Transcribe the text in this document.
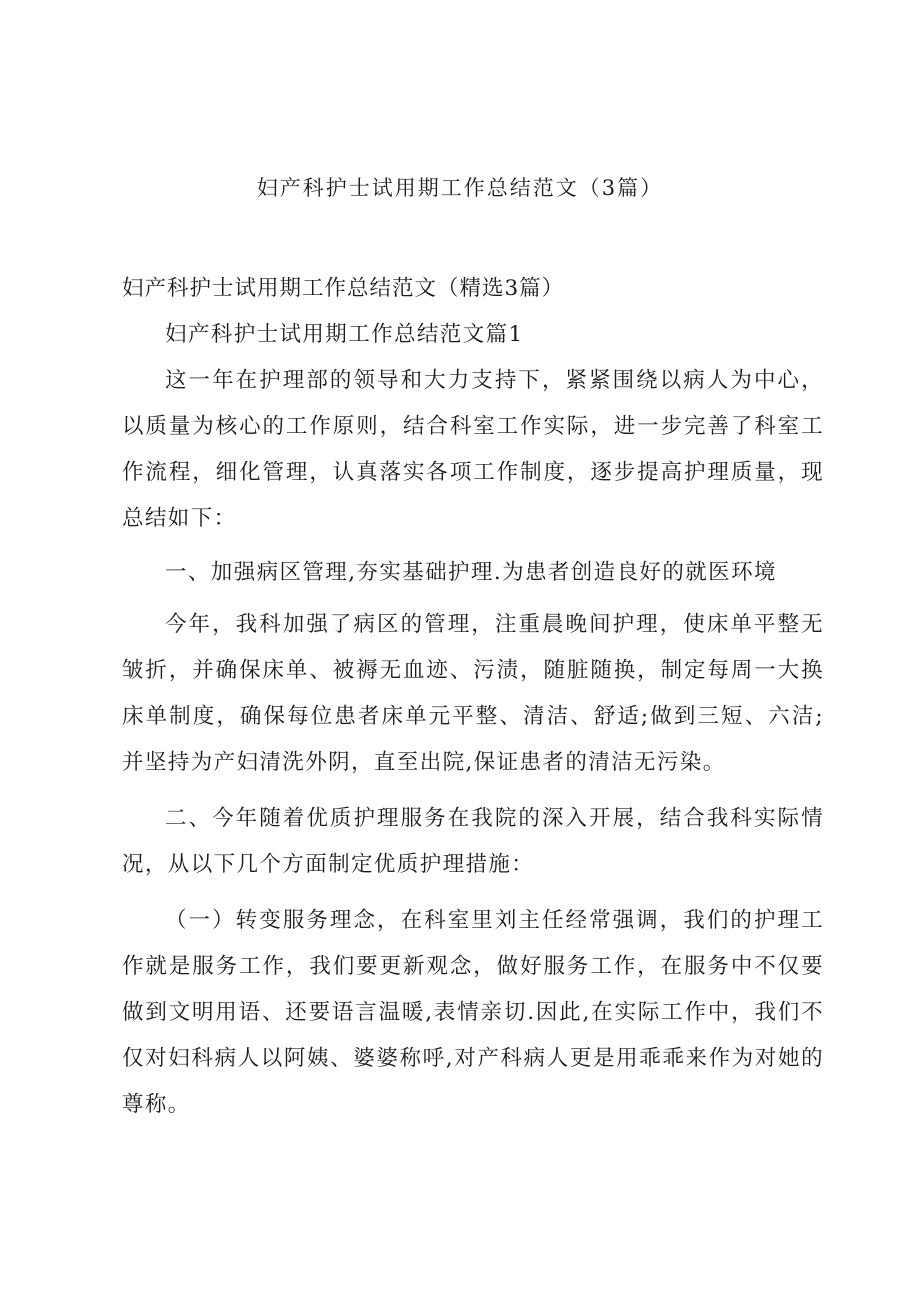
妇产科护士试用期工作总结范文（3篇）

妇产科护士试用期工作总结范文（精选3篇）

妇产科护士试用期工作总结范文篇1

这一年在护理部的领导和大力支持下，紧紧围绕以病人为中心，以质量为核心的工作原则，结合科室工作实际，进一步完善了科室工作流程，细化管理，认真落实各项工作制度，逐步提高护理质量，现总结如下：

一、加强病区管理,夯实基础护理.为患者创造良好的就医环境

今年，我科加强了病区的管理，注重晨晚间护理，使床单平整无皱折，并确保床单、被褥无血迹、污渍，随脏随换，制定每周一大换床单制度，确保每位患者床单元平整、清洁、舒适;做到三短、六洁;并坚持为产妇清洗外阴，直至出院,保证患者的清洁无污染。

二、今年随着优质护理服务在我院的深入开展，结合我科实际情况，从以下几个方面制定优质护理措施：

（一）转变服务理念，在科室里刘主任经常强调，我们的护理工作就是服务工作，我们要更新观念，做好服务工作，在服务中不仅要做到文明用语、还要语言温暖,表情亲切.因此,在实际工作中，我们不仅对妇科病人以阿姨、婆婆称呼,对产科病人更是用乖乖来作为对她的尊称。
